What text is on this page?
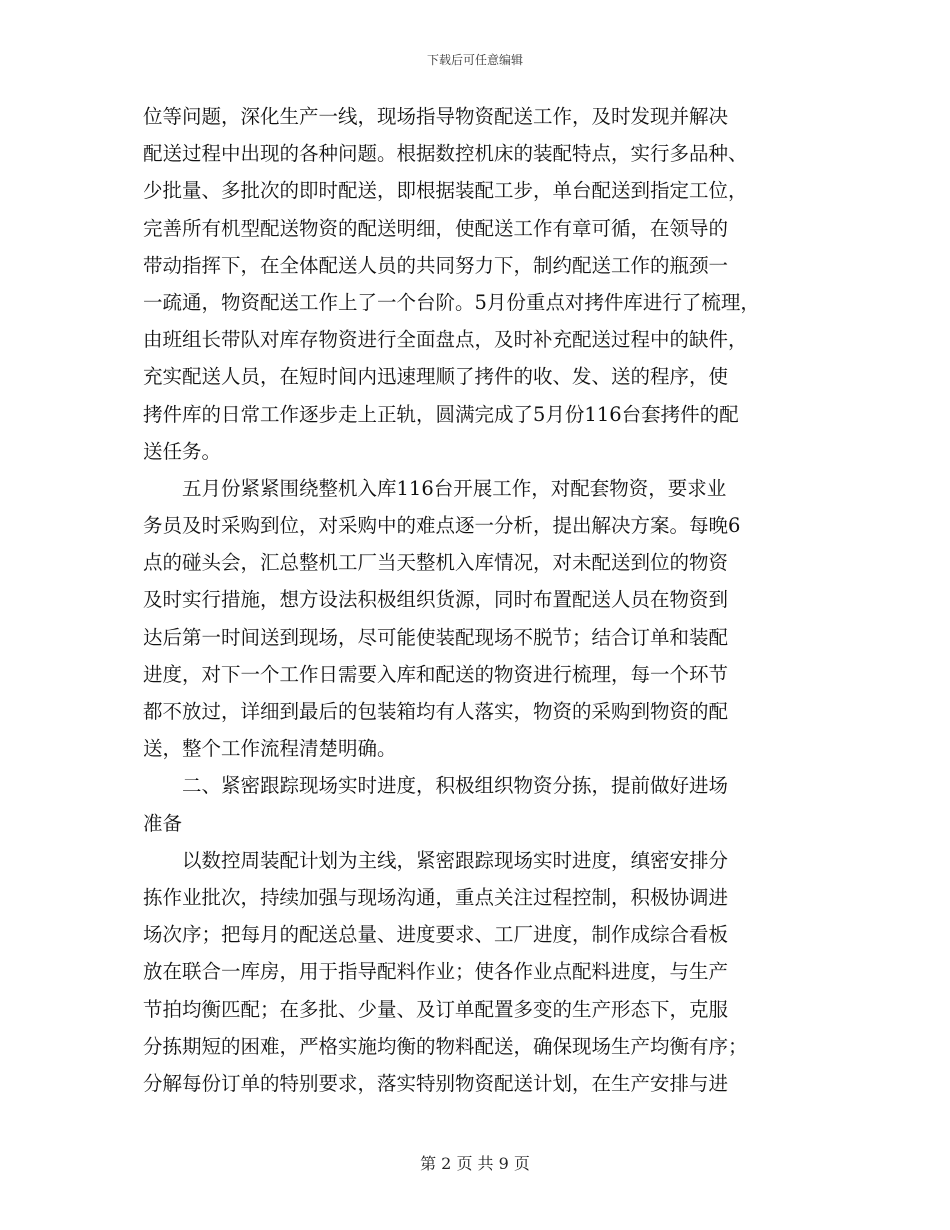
下载后可任意编辑
位等问题，深化生产一线，现场指导物资配送工作，及时发现并解决
配送过程中出现的各种问题。根据数控机床的装配特点，实行多品种、
少批量、多批次的即时配送，即根据装配工步，单台配送到指定工位，
完善所有机型配送物资的配送明细，使配送工作有章可循，在领导的
带动指挥下，在全体配送人员的共同努力下，制约配送工作的瓶颈一
一疏通，物资配送工作上了一个台阶。5月份重点对拷件库进行了梳理，
由班组长带队对库存物资进行全面盘点，及时补充配送过程中的缺件，
充实配送人员，在短时间内迅速理顺了拷件的收、发、送的程序，使
拷件库的日常工作逐步走上正轨，圆满完成了5月份116台套拷件的配
送任务。
五月份紧紧围绕整机入库116台开展工作，对配套物资，要求业
务员及时采购到位，对采购中的难点逐一分析，提出解决方案。每晚6
点的碰头会，汇总整机工厂当天整机入库情况，对未配送到位的物资
及时实行措施，想方设法积极组织货源，同时布置配送人员在物资到
达后第一时间送到现场，尽可能使装配现场不脱节；结合订单和装配
进度，对下一个工作日需要入库和配送的物资进行梳理，每一个环节
都不放过，详细到最后的包装箱均有人落实，物资的采购到物资的配
送，整个工作流程清楚明确。
二、紧密跟踪现场实时进度，积极组织物资分拣，提前做好进场
准备
以数控周装配计划为主线，紧密跟踪现场实时进度，缜密安排分
拣作业批次，持续加强与现场沟通，重点关注过程控制，积极协调进
场次序；把每月的配送总量、进度要求、工厂进度，制作成综合看板
放在联合一库房，用于指导配料作业；使各作业点配料进度，与生产
节拍均衡匹配；在多批、少量、及订单配置多变的生产形态下，克服
分拣期短的困难，严格实施均衡的物料配送，确保现场生产均衡有序；
分解每份订单的特别要求，落实特别物资配送计划，在生产安排与进
第 2 页 共 9 页
